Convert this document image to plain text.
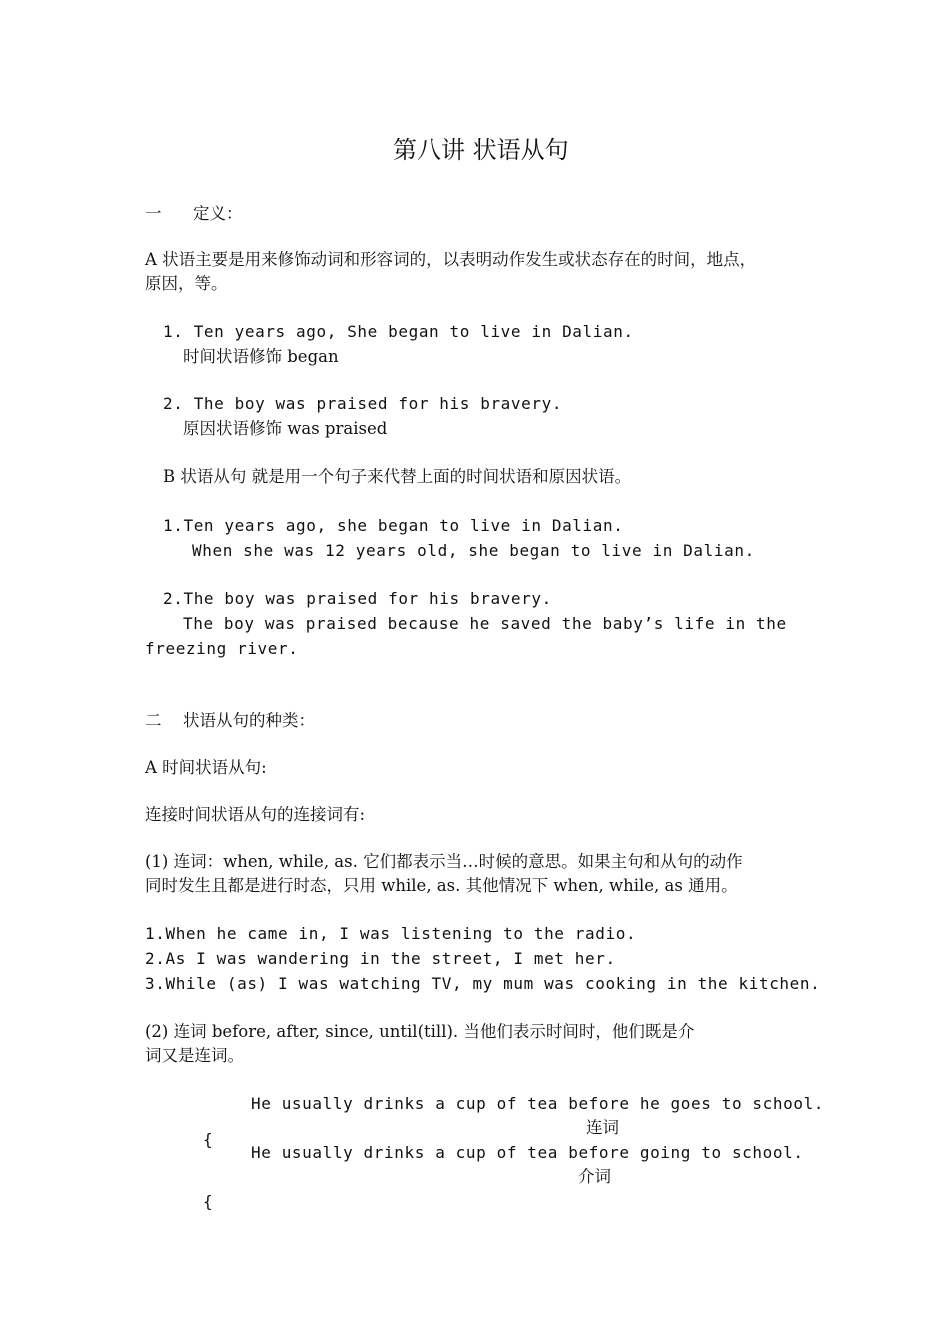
第八讲 状语从句
一 定义：
A 状语主要是用来修饰动词和形容词的，以表明动作发生或状态存在的时间，地点，
原因，等。
1. Ten years ago, She began to live in Dalian.
时间状语修饰 began
2. The boy was praised for his bravery.
原因状语修饰 was praised
B 状语从句 就是用一个句子来代替上面的时间状语和原因状语。
1.Ten years ago, she began to live in Dalian.
When she was 12 years old, she began to live in Dalian.
2.The boy was praised for his bravery.
The boy was praised because he saved the baby’s life in the
freezing river.
二 状语从句的种类：
A 时间状语从句:
连接时间状语从句的连接词有:
(1) 连词：when, while, as. 它们都表示当…时候的意思。如果主句和从句的动作
同时发生且都是进行时态，只用 while, as. 其他情况下 when, while, as 通用。
1.When he came in, I was listening to the radio.
2.As I was wandering in the street, I met her.
3.While (as) I was watching TV, my mum was cooking in the kitchen.
(2) 连词 before, after, since, until(till). 当他们表示时间时，他们既是介
词又是连词。
He usually drinks a cup of tea before he goes to school.
连词
{
He usually drinks a cup of tea before going to school.
介词
{
